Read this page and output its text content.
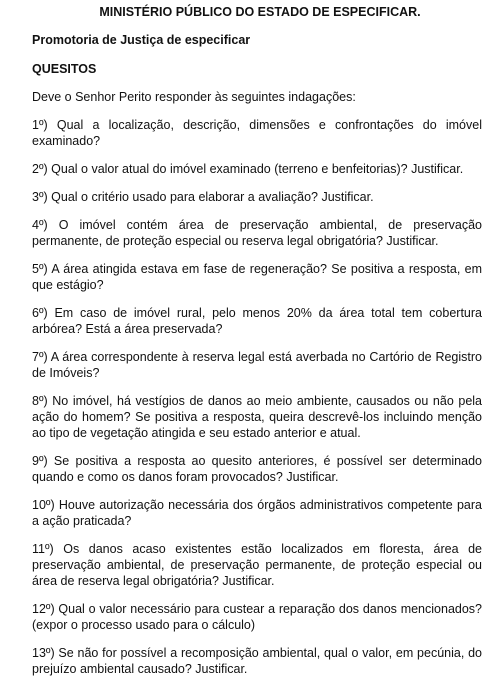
MINISTÉRIO PÚBLICO DO ESTADO DE ESPECIFICAR.
Promotoria de Justiça de especificar
QUESITOS
Deve o Senhor Perito responder às seguintes indagações:
1º) Qual a localização, descrição, dimensões e confrontações do imóvel examinado?
2º) Qual o valor atual do imóvel examinado (terreno e benfeitorias)? Justificar.
3º) Qual o critério usado para elaborar a avaliação? Justificar.
4º) O imóvel contém área de preservação ambiental, de preservação permanente, de proteção especial ou reserva legal obrigatória? Justificar.
5º) A área atingida estava em fase de regeneração? Se positiva a resposta, em que estágio?
6º) Em caso de imóvel rural, pelo menos 20% da área total tem cobertura arbórea? Está a área preservada?
7º) A área correspondente à reserva legal está averbada no Cartório de Registro de Imóveis?
8º) No imóvel, há vestígios de danos ao meio ambiente, causados ou não pela ação do homem? Se positiva a resposta, queira descrevê-los incluindo menção ao tipo de vegetação atingida e seu estado anterior e atual.
9º) Se positiva a resposta ao quesito anteriores, é possível ser determinado quando e como os danos foram provocados? Justificar.
10º) Houve autorização necessária dos órgãos administrativos competente para a ação praticada?
11º) Os danos acaso existentes estão localizados em floresta, área de preservação ambiental, de preservação permanente, de proteção especial ou área de reserva legal obrigatória? Justificar.
12º) Qual o valor necessário para custear a reparação dos danos mencionados? (expor o processo usado para o cálculo)
13º) Se não for possível a recomposição ambiental, qual o valor, em pecúnia, do prejuízo ambiental causado? Justificar.
